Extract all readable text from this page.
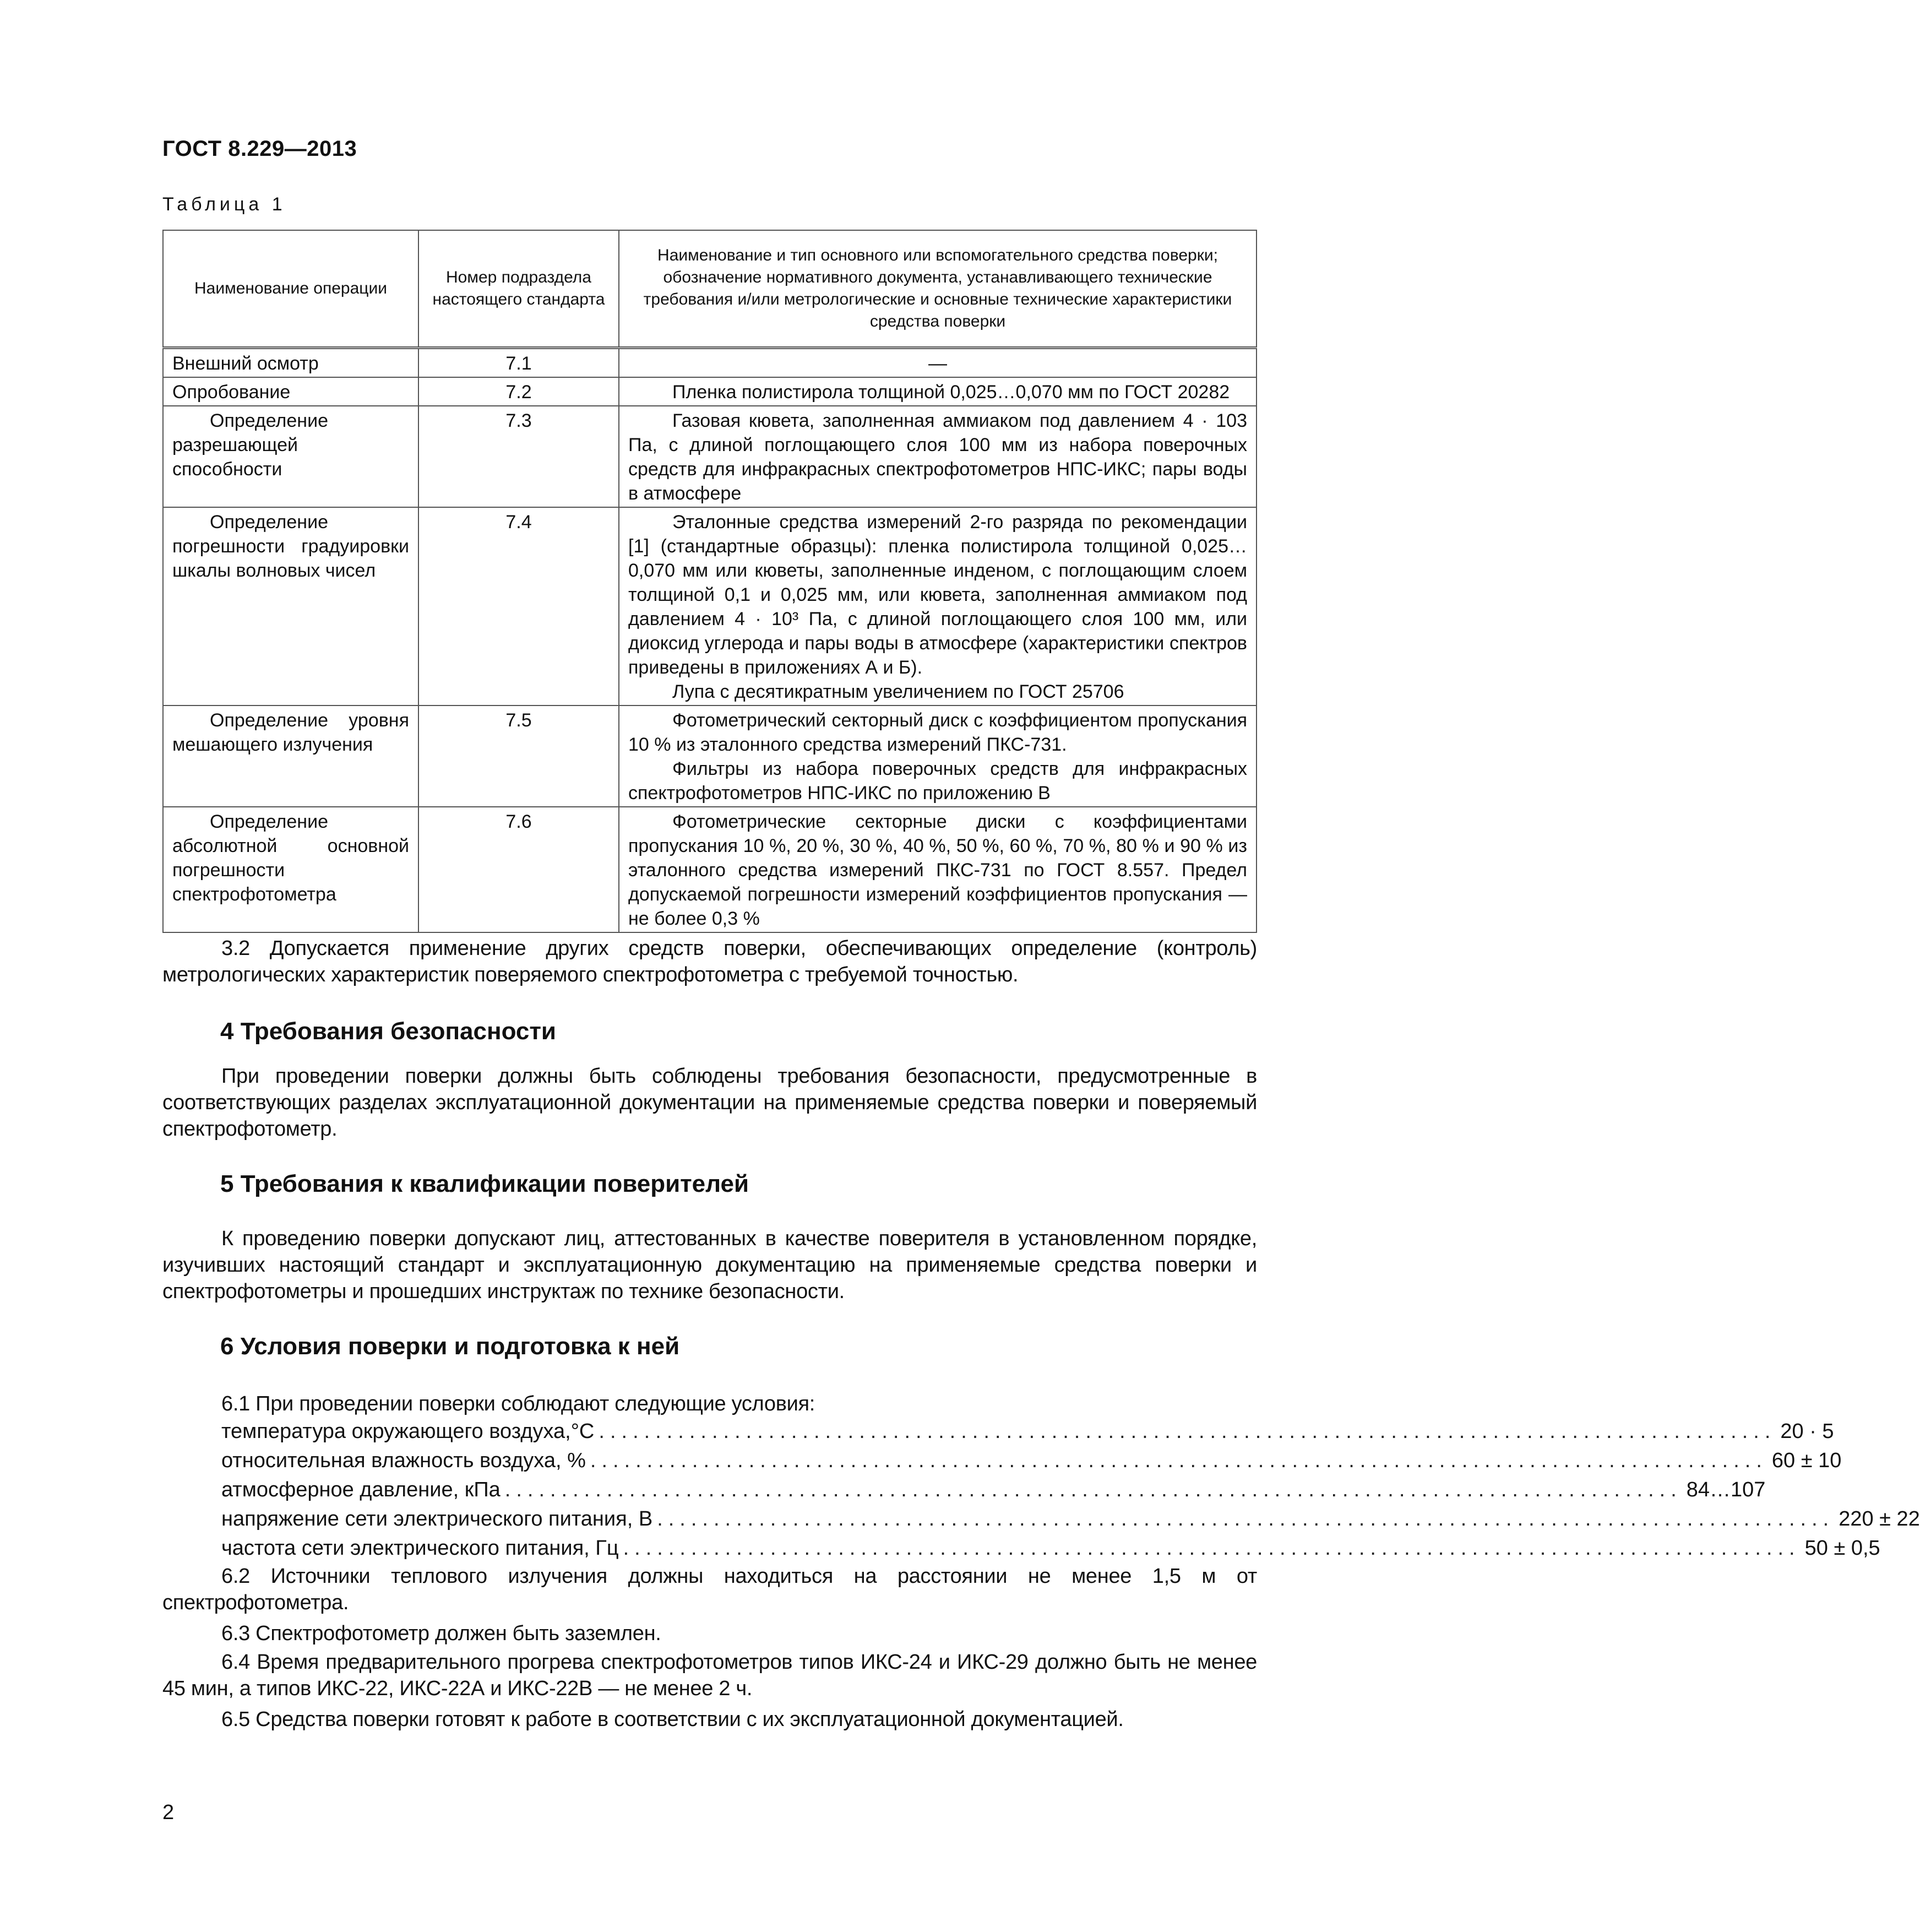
ГОСТ 8.229—2013
Таблица 1
Наименование операции	Номер подраздела настоящего стандарта	Наименование и тип основного или вспомогательного средства поверки; обозначение нормативного документа, устанавливающего технические требования и/или метрологические и основные технические характеристики средства поверки

Внешний осмотр	7.1	—

Опробование	7.2	Пленка полистирола толщиной 0,025…0,070 мм по ГОСТ 20282

Определение разрешающей способности	7.3	Газовая кювета, заполненная аммиаком под давлением 4 · 103 Па, с длиной поглощающего слоя 100 мм из набора поверочных средств для инфракрасных спектрофотометров НПС-ИКС; пары воды в атмосфере

Определение погрешности градуировки шкалы волновых чисел	7.4	Эталонные средства измерений 2-го разряда по рекомендации [1] (стандартные образцы): пленка полистирола толщиной 0,025…0,070 мм или кюветы, заполненные инденом, с поглощающим слоем толщиной 0,1 и 0,025 мм, или кювета, заполненная аммиаком под давлением 4 · 10³ Па, с длиной поглощающего слоя 100 мм, или диоксид углерода и пары воды в атмосфере (характеристики спектров приведены в приложениях А и Б).

Лупа с десятикратным увеличением по ГОСТ 25706

Определение уровня мешающего излучения	7.5	Фотометрический секторный диск с коэффициентом пропускания 10 % из эталонного средства измерений ПКС-731.

Фильтры из набора поверочных средств для инфракрасных спектрофотометров НПС-ИКС по приложению В

Определение абсолютной основной погрешности спектрофотометра	7.6	Фотометрические секторные диски с коэффициентами пропускания 10 %, 20 %, 30 %, 40 %, 50 %, 60 %, 70 %, 80 % и 90 % из эталонного средства измерений ПКС-731 по ГОСТ 8.557. Предел допускаемой погрешности измерений коэффициентов пропускания — не более 0,3 %

3.2 Допускается применение других средств поверки, обеспечивающих определение (контроль) метрологических характеристик поверяемого спектрофотометра с требуемой точностью.
4 Требования безопасности
При проведении поверки должны быть соблюдены требования безопасности, предусмотренные в соответствующих разделах эксплуатационной документации на применяемые средства поверки и поверяемый спектрофотометр.
5 Требования к квалификации поверителей
К проведению поверки допускают лиц, аттестованных в качестве поверителя в установленном порядке, изучивших настоящий стандарт и эксплуатационную документацию на применяемые средства поверки и спектрофотометры и прошедших инструктаж по технике безопасности.
6 Условия поверки и подготовка к ней
6.1 При проведении поверки соблюдают следующие условия:
температура окружающего воздуха,°С ........................................................................................................ 20 · 5
относительная влажность воздуха, % ........................................................................................................ 60 ± 10
атмосферное давление, кПа ........................................................................................................ 84…107
напряжение сети электрического питания, В ........................................................................................................ 220 ± 22
частота сети электрического питания, Гц ........................................................................................................ 50 ± 0,5
6.2 Источники теплового излучения должны находиться на расстоянии не менее 1,5 м от спектрофотометра.
6.3 Спектрофотометр должен быть заземлен.
6.4 Время предварительного прогрева спектрофотометров типов ИКС-24 и ИКС-29 должно быть не менее 45 мин, а типов ИКС-22, ИКС-22А и ИКС-22В — не менее 2 ч.
6.5 Средства поверки готовят к работе в соответствии с их эксплуатационной документацией.
2
